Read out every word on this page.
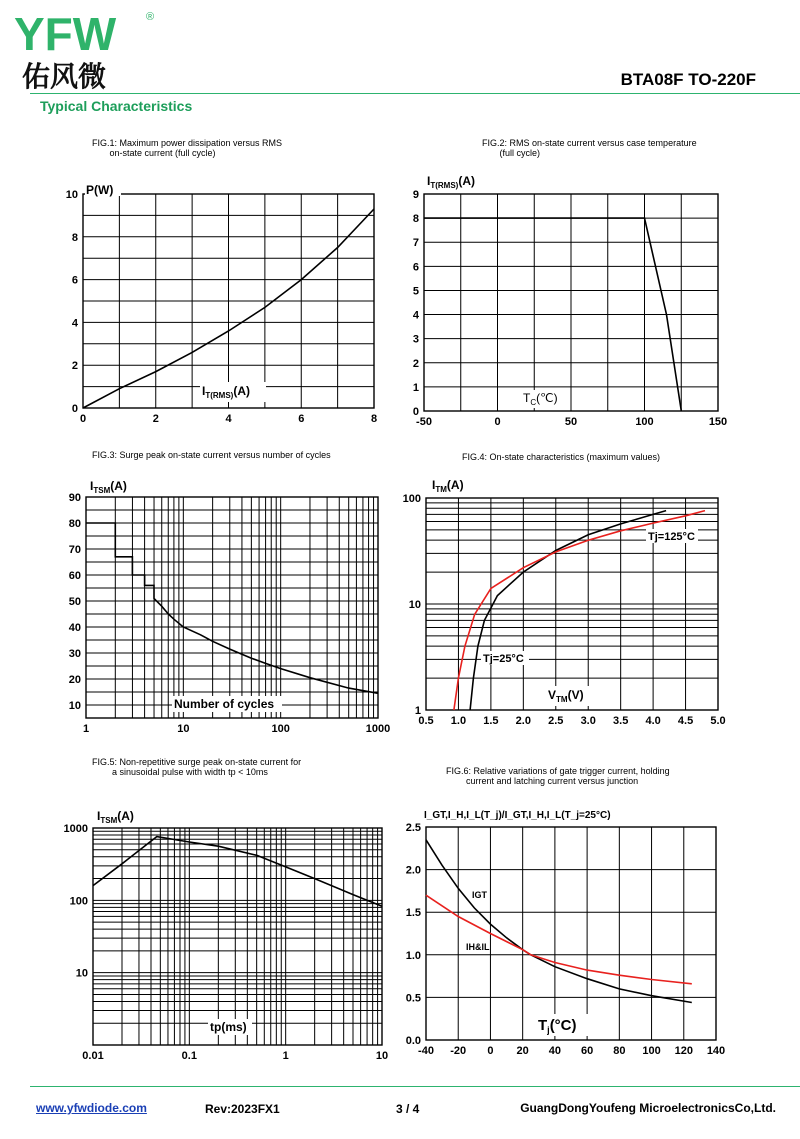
YFW	®
佑风微	BTA08F TO-220F
Typical Characteristics
FIG.1: Maximum power dissipation versus RMS
on-state current (full cycle)
FIG.2: RMS on-state current versus case temperature
(full cycle)
FIG.3: Surge peak on-state current versus number of cycles	FIG.4: On-state characteristics (maximum values)
FIG.5: Non-repetitive surge peak on-state current for
a sinusoidal pulse with width tp < 10ms	FIG.6: Relative variations of gate trigger current, holding
current and latching current versus junction
0	2	4	6	8
0
2
4
6
8
10
-50	0	50	100	150
0
1
2
3
4
5
6
7
8
9
1	10	100	1000
10
20
30
40
50
60
70
80
90
0.5 1.0 1.5 2.0 2.5 3.0 3.5 4.0 4.5 5.0
1
10
100
0.01	0.1	1	10
10
100
1000
-40 -20 0 20 40 60 80 100 120 140
0.0
0.5
1.0
1.5
2.0
2.5
P(W)
$I_{T(RMS)}(A)$
$I_{T(RMS)}(A)$
$T_C(℃)$
$I_{TSM}(A)$
Number of cycles
$I_{TM}(A)$
$V_{TM}(V)$
Tj=125°C
Tj=25°C
$I_{TSM}(A)$
tp(ms)
I_GT,I_H,I_L(T_j)/I_GT,I_H,I_L(T_j=25°C)
$T_j(^\circ C)$
IGT
IH&IL
www.yfwdiode.com	Rev:2023FX1	3 / 4	GuangDongYoufeng MicroelectronicsCo,Ltd.
